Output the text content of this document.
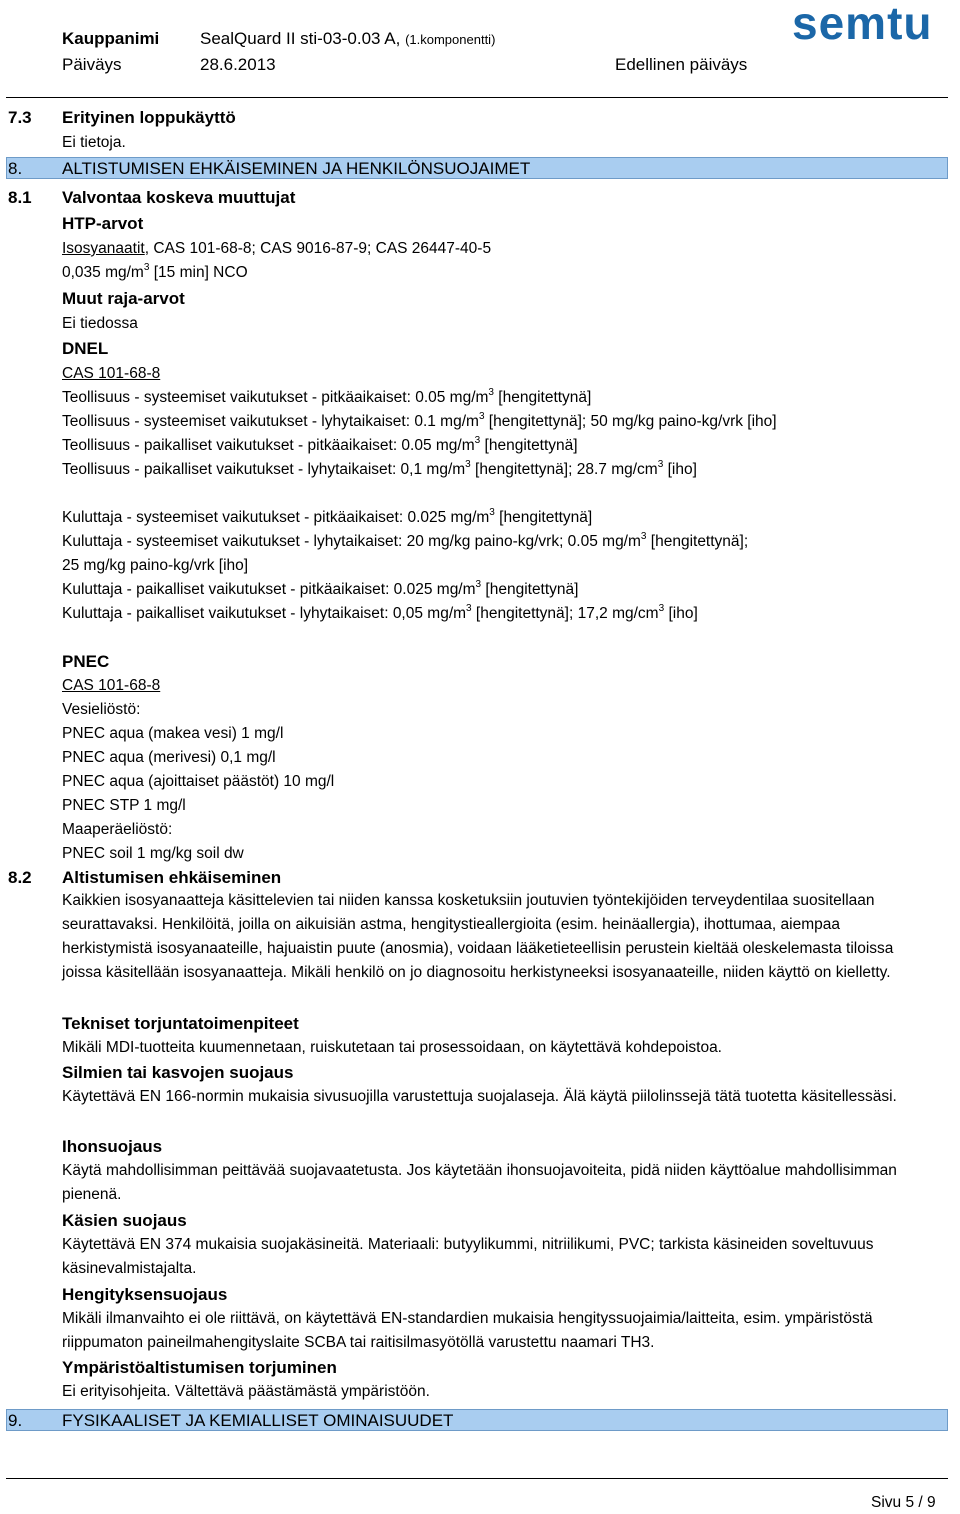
Kauppanimi SealQuard II sti-03-0.03 A, (1.komponentti)
Päiväys	28.6.2013	Edellinen päiväys
semtu
7.3 Erityinen loppukäyttö
Ei tietoja.
8. ALTISTUMISEN EHKÄISEMINEN JA HENKILÖNSUOJAIMET
8.1 Valvontaa koskeva muuttujat
HTP-arvot
Isosyanaatit, CAS 101-68-8; CAS 9016-87-9; CAS 26447-40-5
0,035 $mg/m^3$ [15 min] NCO
Muut raja-arvot
Ei tiedossa
DNEL
CAS 101-68-8
Teollisuus - systeemiset vaikutukset - pitkäaikaiset: 0.05 $mg/m^3$ [hengitettynä]
Teollisuus - systeemiset vaikutukset - lyhytaikaiset: 0.1 $mg/m^3$ [hengitettynä]; 50 mg/kg paino-kg/vrk [iho]
Teollisuus - paikalliset vaikutukset - pitkäaikaiset: 0.05 $mg/m^3$ [hengitettynä]
Teollisuus - paikalliset vaikutukset - lyhytaikaiset: 0,1 $mg/m^3$ [hengitettynä]; 28.7 $mg/cm^3$ [iho]
Kuluttaja - systeemiset vaikutukset - pitkäaikaiset: 0.025 $mg/m^3$ [hengitettynä]
Kuluttaja - systeemiset vaikutukset - lyhytaikaiset: 20 mg/kg paino-kg/vrk; 0.05 $mg/m^3$ [hengitettynä];
25 mg/kg paino-kg/vrk [iho]
Kuluttaja - paikalliset vaikutukset - pitkäaikaiset: 0.025 $mg/m^3$ [hengitettynä]
Kuluttaja - paikalliset vaikutukset - lyhytaikaiset: 0,05 $mg/m^3$ [hengitettynä]; 17,2 $mg/cm^3$ [iho]
PNEC
CAS 101-68-8
Vesieliöstö:
PNEC aqua (makea vesi) 1 mg/l
PNEC aqua (merivesi) 0,1 mg/l
PNEC aqua (ajoittaiset päästöt) 10 mg/l
PNEC STP 1 mg/l
Maaperäeliöstö:
PNEC soil 1 mg/kg soil dw
8.2 Altistumisen ehkäiseminen
Kaikkien isosyanaatteja käsittelevien tai niiden kanssa kosketuksiin joutuvien työntekijöiden terveydentilaa suositellaan seurattavaksi. Henkilöitä, joilla on aikuisiän astma, hengitystieallergioita (esim. heinäallergia), ihottumaa, aiempaa herkistymistä isosyanaateille, hajuaistin puute (anosmia), voidaan lääketieteellisin perustein kieltää oleskelemasta tiloissa joissa käsitellään isosyanaatteja. Mikäli henkilö on jo diagnosoitu herkistyneeksi isosyanaateille, niiden käyttö on kielletty.
Tekniset torjuntatoimenpiteet
Mikäli MDI-tuotteita kuumennetaan, ruiskutetaan tai prosessoidaan, on käytettävä kohdepoistoa.
Silmien tai kasvojen suojaus
Käytettävä EN 166-normin mukaisia sivusuojilla varustettuja suojalaseja. Älä käytä piilolinssejä tätä tuotetta käsitellessäsi.
Ihonsuojaus
Käytä mahdollisimman peittävää suojavaatetusta. Jos käytetään ihonsuojavoiteita, pidä niiden käyttöalue mahdollisimman pienenä.
Käsien suojaus
Käytettävä EN 374 mukaisia suojakäsineitä. Materiaali: butyylikummi, nitriilikumi, PVC; tarkista käsineiden soveltuvuus käsinevalmistajalta.
Hengityksensuojaus
Mikäli ilmanvaihto ei ole riittävä, on käytettävä EN-standardien mukaisia hengityssuojaimia/laitteita, esim. ympäristöstä riippumaton paineilmahengityslaite SCBA tai raitisilmasyötöllä varustettu naamari TH3.
Ympäristöaltistumisen torjuminen
Ei erityisohjeita. Vältettävä päästämästä ympäristöön.
9. FYSIKAALISET JA KEMIALLISET OMINAISUUDET
Sivu 5 / 9
